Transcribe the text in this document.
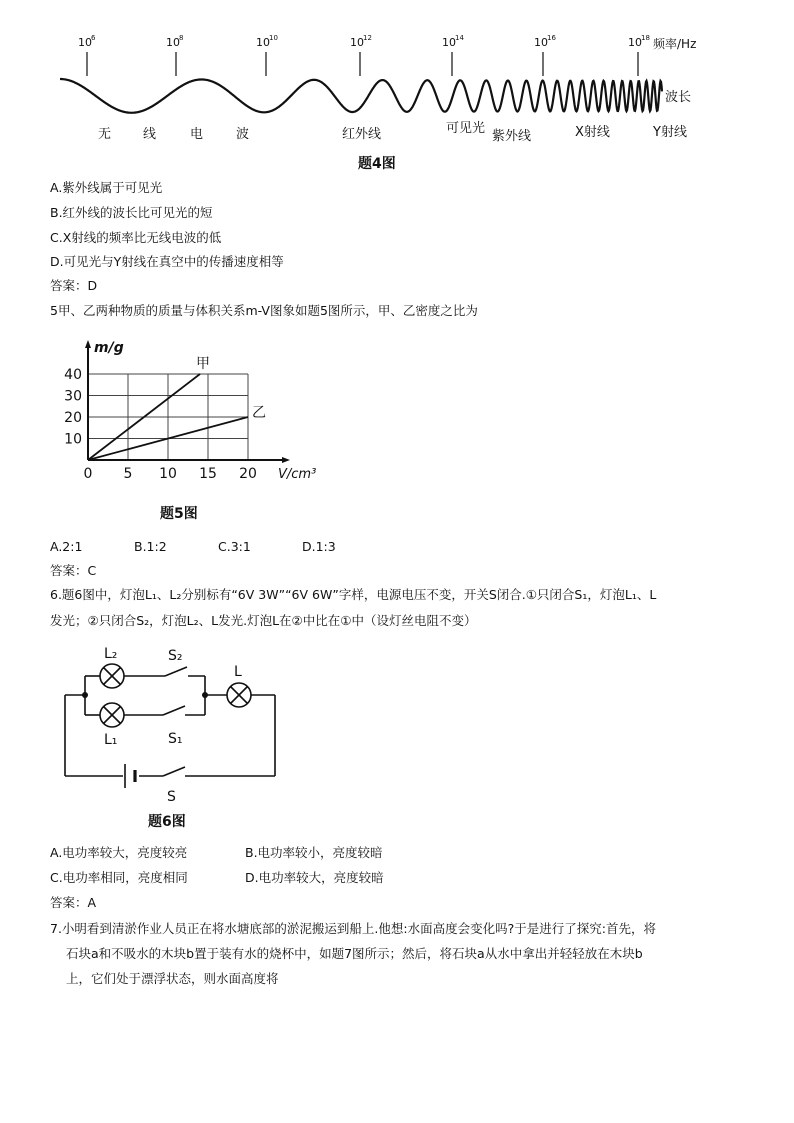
10 6	10 8	10 10	10 12	10 14	10 16	10 18 频率/Hz
波长
无 线	电	波	红外线	可见光
紫外线	X射线	Y射线
题4图
A.紫外线属于可见光
B.红外线的波长比可见光的短
C.X射线的频率比无线电波的低
D.可见光与Y射线在真空中的传播速度相等
答案：D
5甲、乙两种物质的质量与体积关系m-V图象如题5图所示，甲、乙密度之比为
m/g
V/cm³
0 5 10 15 20
10
20
30
40
甲
乙
题5图
A.2:1	B.1:2	C.3:1	D.1:3
答案：C
6.题6图中，灯泡L₁、L₂分别标有“6V 3W”“6V 6W”字样，电源电压不变，开关S闭合.①只闭合S₁，灯泡L₁、L
发光；②只闭合S₂，灯泡L₂、L发光.灯泡L在②中比在①中（设灯丝电阻不变）
L₂
L₁
L
S₂
S₁
S
题6图
A.电功率较大，亮度较亮	B.电功率较小，亮度较暗
C.电功率相同，亮度相同	D.电功率较大，亮度较暗
答案：A
7.小明看到清淤作业人员正在将水塘底部的淤泥搬运到船上.他想:水面高度会变化吗?于是进行了探究:首先，将
石块a和不吸水的木块b置于装有水的烧杯中，如题7图所示；然后，将石块a从水中拿出并轻轻放在木块b
上，它们处于漂浮状态，则水面高度将
